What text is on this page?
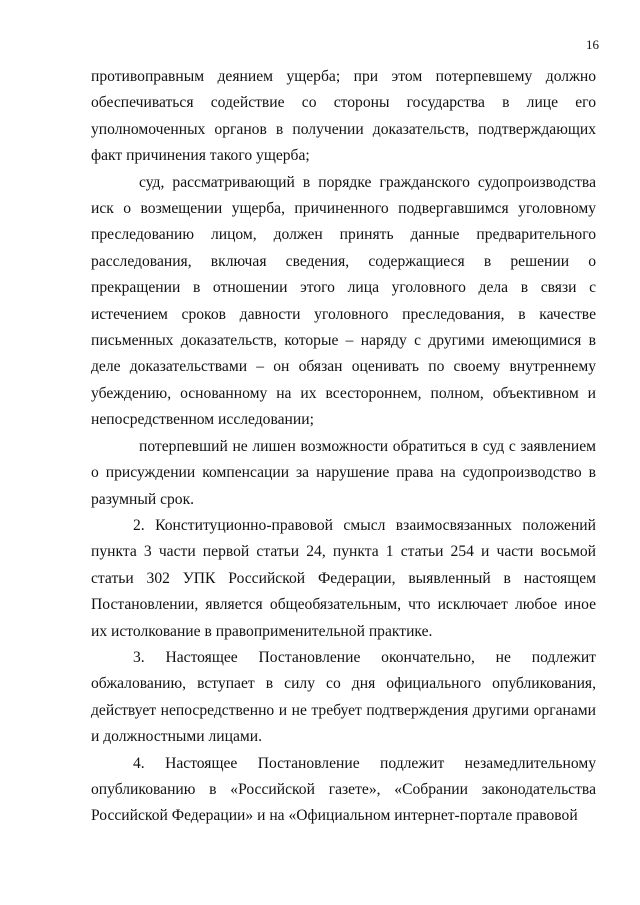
16

противоправным деянием ущерба; при этом потерпевшему должно обеспечиваться содействие со стороны государства в лице его уполномоченных органов в получении доказательств, подтверждающих факт причинения такого ущерба;

суд, рассматривающий в порядке гражданского судопроизводства иск о возмещении ущерба, причиненного подвергавшимся уголовному преследованию лицом, должен принять данные предварительного расследования, включая сведения, содержащиеся в решении о прекращении в отношении этого лица уголовного дела в связи с истечением сроков давности уголовного преследования, в качестве письменных доказательств, которые – наряду с другими имеющимися в деле доказательствами – он обязан оценивать по своему внутреннему убеждению, основанному на их всестороннем, полном, объективном и непосредственном исследовании;

потерпевший не лишен возможности обратиться в суд с заявлением о присуждении компенсации за нарушение права на судопроизводство в разумный срок.

2. Конституционно-правовой смысл взаимосвязанных положений пункта 3 части первой статьи 24, пункта 1 статьи 254 и части восьмой статьи 302 УПК Российской Федерации, выявленный в настоящем Постановлении, является общеобязательным, что исключает любое иное их истолкование в правоприменительной практике.

3. Настоящее Постановление окончательно, не подлежит обжалованию, вступает в силу со дня официального опубликования, действует непосредственно и не требует подтверждения другими органами и должностными лицами.

4. Настоящее Постановление подлежит незамедлительному опубликованию в «Российской газете», «Собрании законодательства Российской Федерации» и на «Официальном интернет-портале правовой
